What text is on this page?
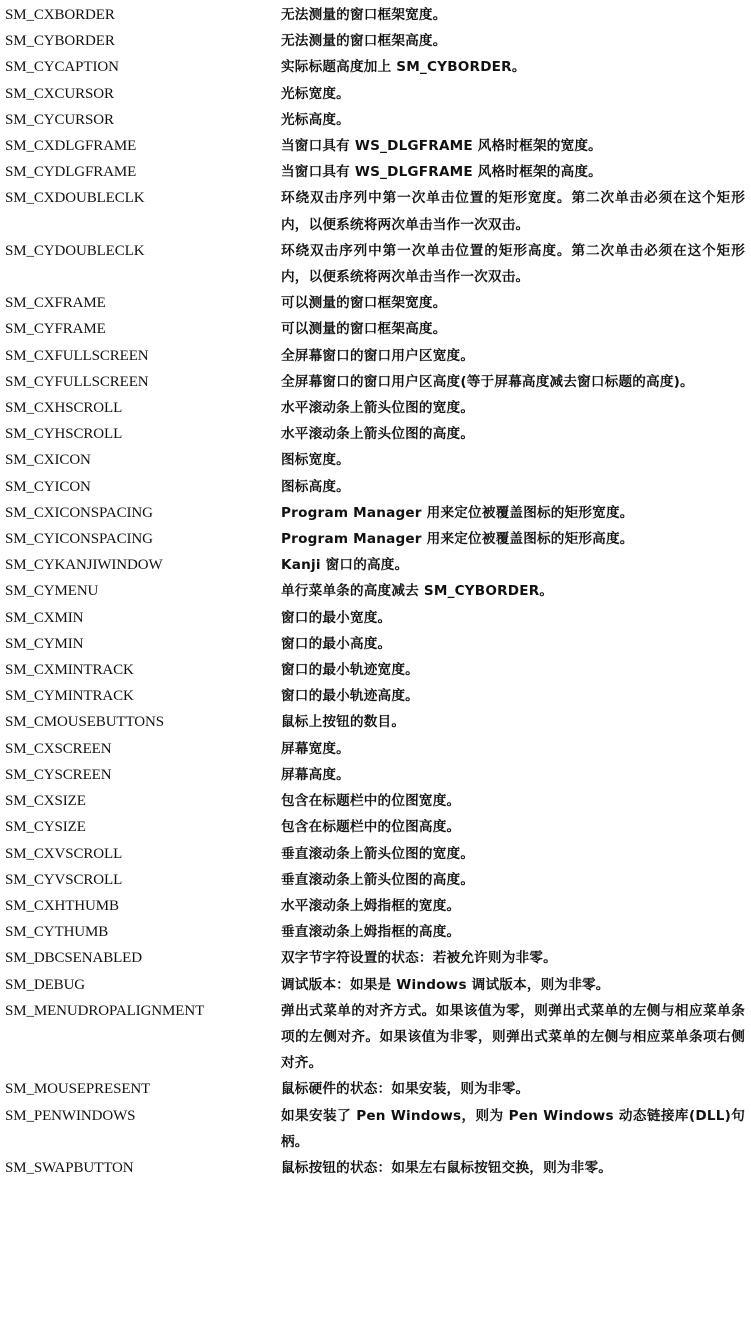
SM_CXBORDER	无法测量的窗口框架宽度。
SM_CYBORDER	无法测量的窗口框架高度。
SM_CYCAPTION	实际标题高度加上 SM_CYBORDER。
SM_CXCURSOR	光标宽度。
SM_CYCURSOR	光标高度。
SM_CXDLGFRAME	当窗口具有 WS_DLGFRAME 风格时框架的宽度。
SM_CYDLGFRAME	当窗口具有 WS_DLGFRAME 风格时框架的高度。
SM_CXDOUBLECLK	环绕双击序列中第一次单击位置的矩形宽度。第二次单击必须在这个矩形内，以便系统将两次单击当作一次双击。
SM_CYDOUBLECLK	环绕双击序列中第一次单击位置的矩形高度。第二次单击必须在这个矩形内，以便系统将两次单击当作一次双击。
SM_CXFRAME	可以测量的窗口框架宽度。
SM_CYFRAME	可以测量的窗口框架高度。
SM_CXFULLSCREEN	全屏幕窗口的窗口用户区宽度。
SM_CYFULLSCREEN	全屏幕窗口的窗口用户区高度(等于屏幕高度减去窗口标题的高度)。
SM_CXHSCROLL	水平滚动条上箭头位图的宽度。
SM_CYHSCROLL	水平滚动条上箭头位图的高度。
SM_CXICON	图标宽度。
SM_CYICON	图标高度。
SM_CXICONSPACING	Program Manager 用来定位被覆盖图标的矩形宽度。
SM_CYICONSPACING	Program Manager 用来定位被覆盖图标的矩形高度。
SM_CYKANJIWINDOW	Kanji 窗口的高度。
SM_CYMENU	单行菜单条的高度减去 SM_CYBORDER。
SM_CXMIN	窗口的最小宽度。
SM_CYMIN	窗口的最小高度。
SM_CXMINTRACK	窗口的最小轨迹宽度。
SM_CYMINTRACK	窗口的最小轨迹高度。
SM_CMOUSEBUTTONS	鼠标上按钮的数目。
SM_CXSCREEN	屏幕宽度。
SM_CYSCREEN	屏幕高度。
SM_CXSIZE	包含在标题栏中的位图宽度。
SM_CYSIZE	包含在标题栏中的位图高度。
SM_CXVSCROLL	垂直滚动条上箭头位图的宽度。
SM_CYVSCROLL	垂直滚动条上箭头位图的高度。
SM_CXHTHUMB	水平滚动条上姆指框的宽度。
SM_CYTHUMB	垂直滚动条上姆指框的高度。
SM_DBCSENABLED	双字节字符设置的状态：若被允许则为非零。
SM_DEBUG	调试版本：如果是 Windows 调试版本，则为非零。
SM_MENUDROPALIGNMENT	弹出式菜单的对齐方式。如果该值为零，则弹出式菜单的左侧与相应菜单条项的左侧对齐。如果该值为非零，则弹出式菜单的左侧与相应菜单条项右侧对齐。
SM_MOUSEPRESENT	鼠标硬件的状态：如果安装，则为非零。
SM_PENWINDOWS	如果安装了 Pen Windows，则为 Pen Windows 动态链接库(DLL)句柄。
SM_SWAPBUTTON	鼠标按钮的状态：如果左右鼠标按钮交换，则为非零。
